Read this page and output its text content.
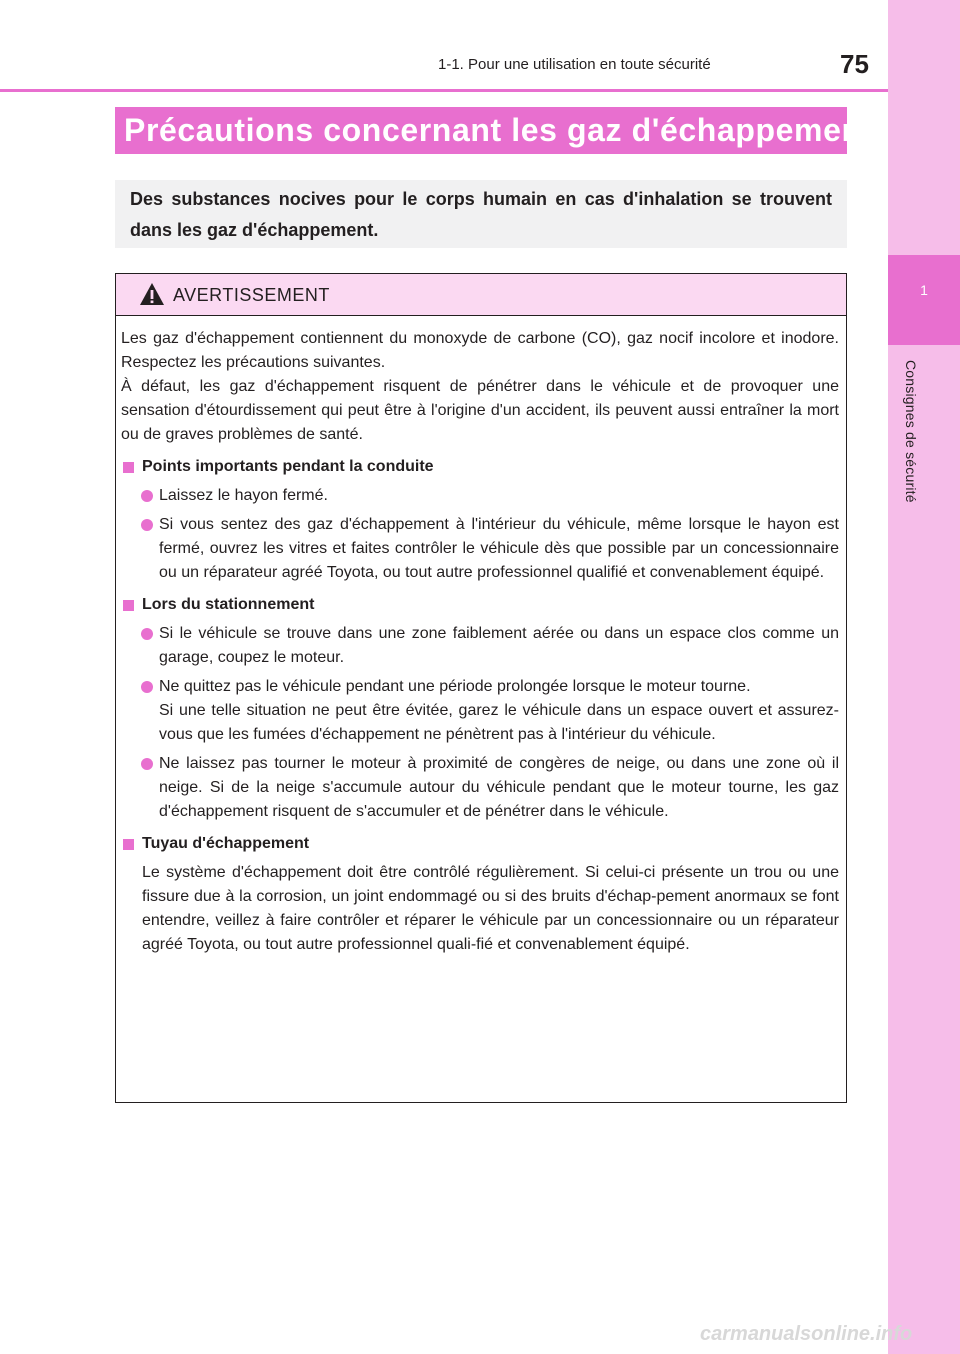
1
Consignes de sécurité
1-1. Pour une utilisation en toute sécurité	75
Précautions concernant les gaz d'échappement
Des substances nocives pour le corps humain en cas d'inhalation se trouvent dans les gaz d'échappement.
AVERTISSEMENT

Les gaz d'échappement contiennent du monoxyde de carbone (CO), gaz nocif incolore et inodore. Respectez les précautions suivantes.

À défaut, les gaz d'échappement risquent de pénétrer dans le véhicule et de provoquer une sensation d'étourdissement qui peut être à l'origine d'un accident, ils peuvent aussi entraîner la mort ou de graves problèmes de santé.

Points importants pendant la conduite
Laissez le hayon fermé.
Si vous sentez des gaz d'échappement à l'intérieur du véhicule, même lorsque le hayon est fermé, ouvrez les vitres et faites contrôler le véhicule dès que possible par un concessionnaire ou un réparateur agréé Toyota, ou tout autre professionnel qualifié et convenablement équipé.
Lors du stationnement
Si le véhicule se trouve dans une zone faiblement aérée ou dans un espace clos comme un garage, coupez le moteur.
Ne quittez pas le véhicule pendant une période prolongée lorsque le moteur tourne.
Si une telle situation ne peut être évitée, garez le véhicule dans un espace ouvert et assurez-vous que les fumées d'échappement ne pénètrent pas à l'intérieur du véhicule.
Ne laissez pas tourner le moteur à proximité de congères de neige, ou dans une zone où il neige. Si de la neige s'accumule autour du véhicule pendant que le moteur tourne, les gaz d'échappement risquent de s'accumuler et de pénétrer dans le véhicule.
Tuyau d'échappement

Le système d'échappement doit être contrôlé régulièrement. Si celui-ci présente un trou ou une fissure due à la corrosion, un joint endommagé ou si des bruits d'échap-pement anormaux se font entendre, veillez à faire contrôler et réparer le véhicule par un concessionnaire ou un réparateur agréé Toyota, ou tout autre professionnel quali-fié et convenablement équipé.

carmanualsonline.info
